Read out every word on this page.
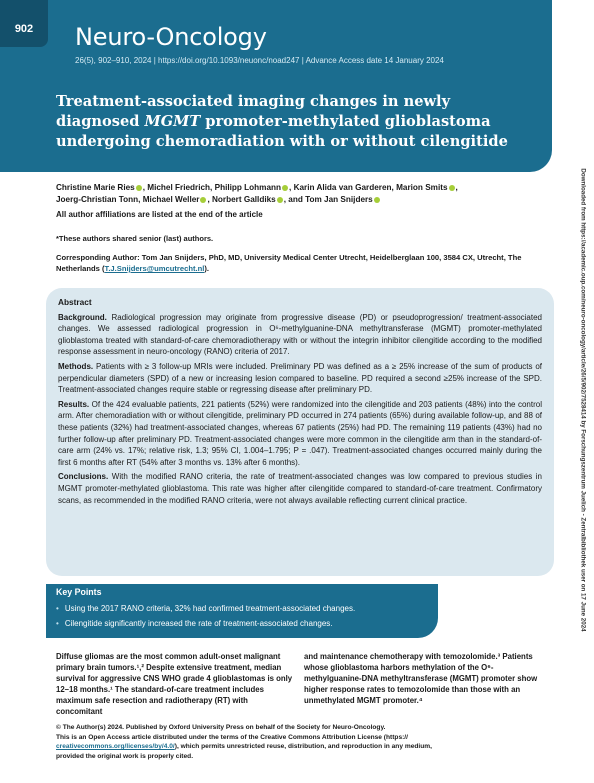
902	Neuro-Oncology
26(5), 902–910, 2024 | https://doi.org/10.1093/neuonc/noad247 | Advance Access date 14 January 2024
Treatment-associated imaging changes in newly diagnosed MGMT promoter-methylated glioblastoma undergoing chemoradiation with or without cilengitide
Christine Marie Ries , Michel Friedrich, Philipp Lohmann , Karin Alida van Garderen, Marion Smits ,
Joerg-Christian Tonn, Michael Weller , Norbert Galldiks , and Tom Jan Snijders
All author affiliations are listed at the end of the article
*These authors shared senior (last) authors.
Corresponding Author: Tom Jan Snijders, PhD, MD, University Medical Center Utrecht, Heidelberglaan 100, 3584 CX, Utrecht, The Netherlands (T.J.Snijders@umcutrecht.nl).
Abstract

Background. Radiological progression may originate from progressive disease (PD) or pseudoprogression/ treatment-associated changes. We assessed radiological progression in O⁶-methylguanine-DNA methyltransferase (MGMT) promoter-methylated glioblastoma treated with standard-of-care chemoradiotherapy with or without the integrin inhibitor cilengitide according to the modified response assessment in neuro-oncology (RANO) criteria of 2017.

Methods. Patients with ≥ 3 follow-up MRIs were included. Preliminary PD was defined as a ≥ 25% increase of the sum of products of perpendicular diameters (SPD) of a new or increasing lesion compared to baseline. PD required a second ≥25% increase of the SPD. Treatment-associated changes require stable or regressing disease after preliminary PD.

Results. Of the 424 evaluable patients, 221 patients (52%) were randomized into the cilengitide and 203 patients (48%) into the control arm. After chemoradiation with or without cilengitide, preliminary PD occurred in 274 patients (65%) during available follow-up, and 88 of these patients (32%) had treatment-associated changes, whereas 67 patients (25%) had PD. The remaining 119 patients (43%) had no further follow-up after preliminary PD. Treatment-associated changes were more common in the cilengitide arm than in the standard-of-care arm (24% vs. 17%; relative risk, 1.3; 95% CI, 1.004–1.795; P = .047). Treatment-associated changes occurred mainly during the first 6 months after RT (54% after 3 months vs. 13% after 6 months).

Conclusions. With the modified RANO criteria, the rate of treatment-associated changes was low compared to previous studies in MGMT promoter-methylated glioblastoma. This rate was higher after cilengitide compared to standard-of-care treatment. Confirmatory scans, as recommended in the modified RANO criteria, were not always available reflecting current clinical practice.

Key Points
• Using the 2017 RANO criteria, 32% had confirmed treatment-associated changes.
• Cilengitide significantly increased the rate of treatment-associated changes.
Diffuse gliomas are the most common adult-onset malignant primary brain tumors.¹,² Despite extensive treatment, median survival for aggressive CNS WHO grade 4 glioblastomas is only 12–18 months.¹ The standard-of-care treatment includes maximum safe resection and radiotherapy (RT) with concomitant
and maintenance chemotherapy with temozolomide.³ Patients whose glioblastoma harbors methylation of the O⁶-methylguanine-DNA methyltransferase (MGMT) promoter show higher response rates to temozolomide than those with an unmethylated MGMT promoter.⁴
© The Author(s) 2024. Published by Oxford University Press on behalf of the Society for Neuro-Oncology.
This is an Open Access article distributed under the terms of the Creative Commons Attribution License (https://
creativecommons.org/licenses/by/4.0/), which permits unrestricted reuse, distribution, and reproduction in any medium,
provided the original work is properly cited.
Downloaded from https://academic.oup.com/neuro-oncology/article/26/5/902/7528414 by Forschungszentrum Juelich - Zentralbibliothek user on 17 June 2024
